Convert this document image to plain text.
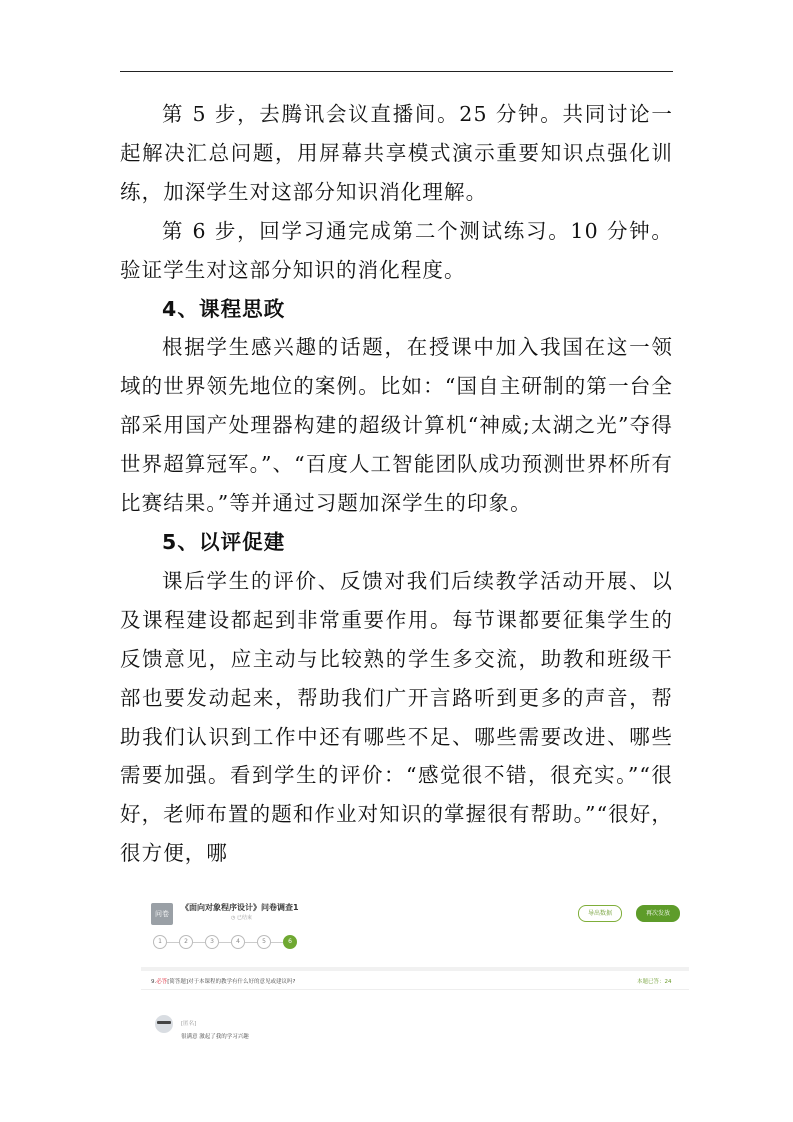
第 5 步，去腾讯会议直播间。25 分钟。共同讨论一起解决汇总问题，用屏幕共享模式演示重要知识点强化训练，加深学生对这部分知识消化理解。

第 6 步，回学习通完成第二个测试练习。10 分钟。验证学生对这部分知识的消化程度。

4、课程思政

根据学生感兴趣的话题，在授课中加入我国在这一领域的世界领先地位的案例。比如：“国自主研制的第一台全部采用国产处理器构建的超级计算机“神威;太湖之光”夺得世界超算冠军。”、“百度人工智能团队成功预测世界杯所有比赛结果。”等并通过习题加深学生的印象。

5、以评促建

课后学生的评价、反馈对我们后续教学活动开展、以及课程建设都起到非常重要作用。每节课都要征集学生的反馈意见，应主动与比较熟的学生多交流，助教和班级干部也要发动起来，帮助我们广开言路听到更多的声音，帮助我们认识到工作中还有哪些不足、哪些需要改进、哪些需要加强。看到学生的评价：“感觉很不错，很充实。”“很好，老师布置的题和作业对知识的掌握很有帮助。”“很好，很方便，哪

问卷
《面向对象程序设计》问卷调查1
◷ 已结束
导出数据	再次发放
1	2	3	4	5	6
9.必答[简答题]对于本课程的教学有什么好的意见或建议吗?	本题已答：24
[匿名]
很满意 激起了我的学习兴趣
